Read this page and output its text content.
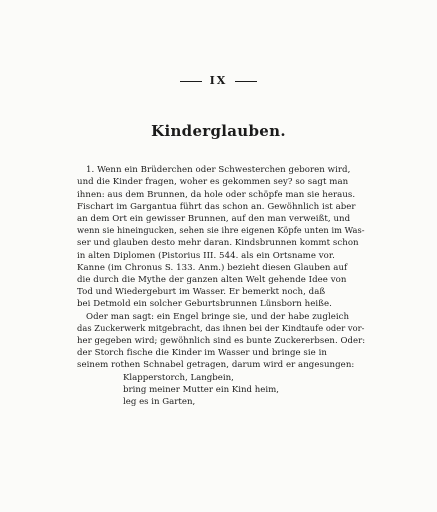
IX
Kinderglauben.
1. Wenn ein Brüderchen oder Schwesterchen geboren wird,
und die Kinder fragen, woher es gekommen sey? so sagt man
ihnen: aus dem Brunnen, da hole oder schöpfe man sie heraus.
Fischart im Gargantua führt das schon an. Gewöhnlich ist aber
an dem Ort ein gewisser Brunnen, auf den man verweißt, und
wenn sie hineingucken, sehen sie ihre eigenen Köpfe unten im Was-
ser und glauben desto mehr daran. Kindsbrunnen kommt schon
in alten Diplomen (Pistorius III. 544. als ein Ortsname vor.
Kanne (im Chronus S. 133. Anm.) bezieht diesen Glauben auf
die durch die Mythe der ganzen alten Welt gehende Idee von
Tod und Wiedergeburt im Wasser. Er bemerkt noch, daß
bei Detmold ein solcher Geburtsbrunnen Lünsborn heiße.
Oder man sagt: ein Engel bringe sie, und der habe zugleich
das Zuckerwerk mitgebracht, das ihnen bei der Kindtaufe oder vor-
her gegeben wird; gewöhnlich sind es bunte Zuckererbsen. Oder:
der Storch fische die Kinder im Wasser und bringe sie in
seinem rothen Schnabel getragen, darum wird er angesungen:
Klapperstorch, Langbein,
bring meiner Mutter ein Kind heim,
leg es in Garten,
